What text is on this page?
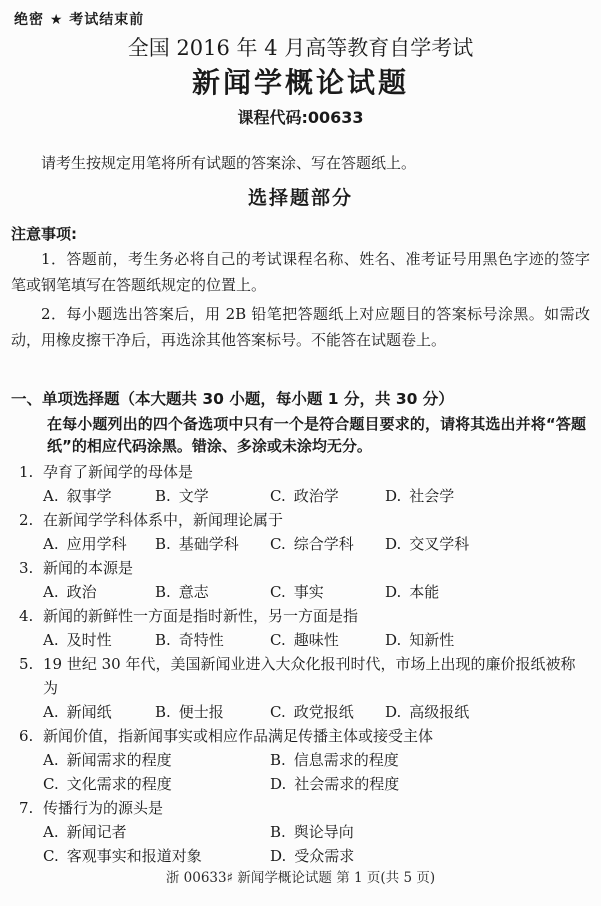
绝密 ★ 考试结束前
全国 2016 年 4 月高等教育自学考试
新闻学概论试题
课程代码:00633

请考生按规定用笔将所有试题的答案涂、写在答题纸上。

选择题部分
注意事项:

1．答题前，考生务必将自己的考试课程名称、姓名、准考证号用黑色字迹的签字笔或钢笔填写在答题纸规定的位置上。

2．每小题选出答案后，用 2B 铅笔把答题纸上对应题目的答案标号涂黑。如需改动，用橡皮擦干净后，再选涂其他答案标号。不能答在试题卷上。

一、单项选择题（本大题共 30 小题，每小题 1 分，共 30 分）

在每小题列出的四个备选项中只有一个是符合题目要求的，请将其选出并将“答题纸”的相应代码涂黑。错涂、多涂或未涂均无分。

1. 孕育了新闻学的母体是
A. 叙事学	B. 文学	C. 政治学	D. 社会学
2. 在新闻学学科体系中，新闻理论属于
A. 应用学科	B. 基础学科	C. 综合学科	D. 交叉学科
3. 新闻的本源是
A. 政治	B. 意志	C. 事实	D. 本能
4. 新闻的新鲜性一方面是指时新性，另一方面是指
A. 及时性	B. 奇特性	C. 趣味性	D. 知新性
5. 19 世纪 30 年代，美国新闻业进入大众化报刊时代，市场上出现的廉价报纸被称为
A. 新闻纸	B. 便士报	C. 政党报纸	D. 高级报纸
6. 新闻价值，指新闻事实或相应作品满足传播主体或接受主体
A. 新闻需求的程度	B. 信息需求的程度
C. 文化需求的程度	D. 社会需求的程度
7. 传播行为的源头是
A. 新闻记者	B. 舆论导向
C. 客观事实和报道对象	D. 受众需求
浙 00633♯ 新闻学概论试题 第 1 页(共 5 页)
